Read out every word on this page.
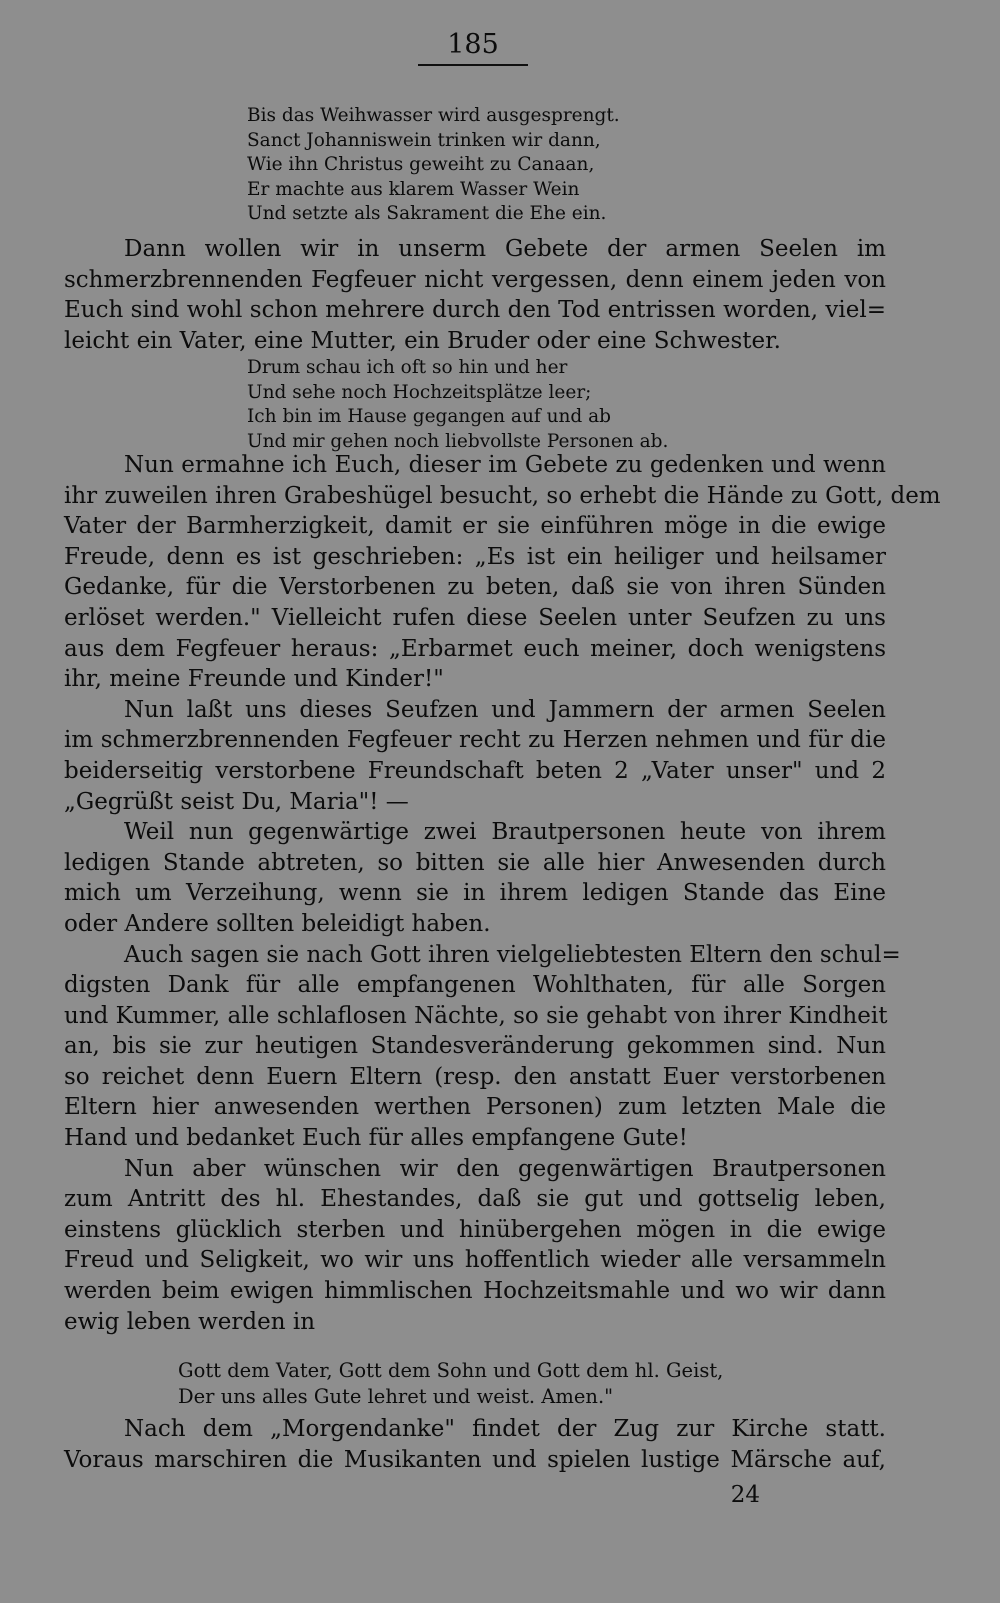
185
Bis das Weihwasser wird ausgesprengt.
Sanct Johanniswein trinken wir dann,
Wie ihn Christus geweiht zu Canaan,
Er machte aus klarem Wasser Wein
Und setzte als Sakrament die Ehe ein.
Dann wollen wir in unserm Gebete der armen Seelen im
schmerzbrennenden Fegfeuer nicht vergessen, denn einem jeden von
Euch sind wohl schon mehrere durch den Tod entrissen worden, viel=
leicht ein Vater, eine Mutter, ein Bruder oder eine Schwester.
Drum schau ich oft so hin und her
Und sehe noch Hochzeitsplätze leer;
Ich bin im Hause gegangen auf und ab
Und mir gehen noch liebvollste Personen ab.
Nun ermahne ich Euch, dieser im Gebete zu gedenken und wenn
ihr zuweilen ihren Grabeshügel besucht, so erhebt die Hände zu Gott, dem
Vater der Barmherzigkeit, damit er sie einführen möge in die ewige
Freude, denn es ist geschrieben: „Es ist ein heiliger und heilsamer
Gedanke, für die Verstorbenen zu beten, daß sie von ihren Sünden
erlöset werden." Vielleicht rufen diese Seelen unter Seufzen zu uns
aus dem Fegfeuer heraus: „Erbarmet euch meiner, doch wenigstens
ihr, meine Freunde und Kinder!"
Nun laßt uns dieses Seufzen und Jammern der armen Seelen
im schmerzbrennenden Fegfeuer recht zu Herzen nehmen und für die
beiderseitig verstorbene Freundschaft beten 2 „Vater unser" und 2
„Gegrüßt seist Du, Maria"! —
Weil nun gegenwärtige zwei Brautpersonen heute von ihrem
ledigen Stande abtreten, so bitten sie alle hier Anwesenden durch
mich um Verzeihung, wenn sie in ihrem ledigen Stande das Eine
oder Andere sollten beleidigt haben.
Auch sagen sie nach Gott ihren vielgeliebtesten Eltern den schul=
digsten Dank für alle empfangenen Wohlthaten, für alle Sorgen
und Kummer, alle schlaflosen Nächte, so sie gehabt von ihrer Kindheit
an, bis sie zur heutigen Standesveränderung gekommen sind. Nun
so reichet denn Euern Eltern (resp. den anstatt Euer verstorbenen
Eltern hier anwesenden werthen Personen) zum letzten Male die
Hand und bedanket Euch für alles empfangene Gute!
Nun aber wünschen wir den gegenwärtigen Brautpersonen
zum Antritt des hl. Ehestandes, daß sie gut und gottselig leben,
einstens glücklich sterben und hinübergehen mögen in die ewige
Freud und Seligkeit, wo wir uns hoffentlich wieder alle versammeln
werden beim ewigen himmlischen Hochzeitsmahle und wo wir dann
ewig leben werden in
Gott dem Vater, Gott dem Sohn und Gott dem hl. Geist,
Der uns alles Gute lehret und weist. Amen."
Nach dem „Morgendanke" findet der Zug zur Kirche statt.
Voraus marschiren die Musikanten und spielen lustige Märsche auf,
24
